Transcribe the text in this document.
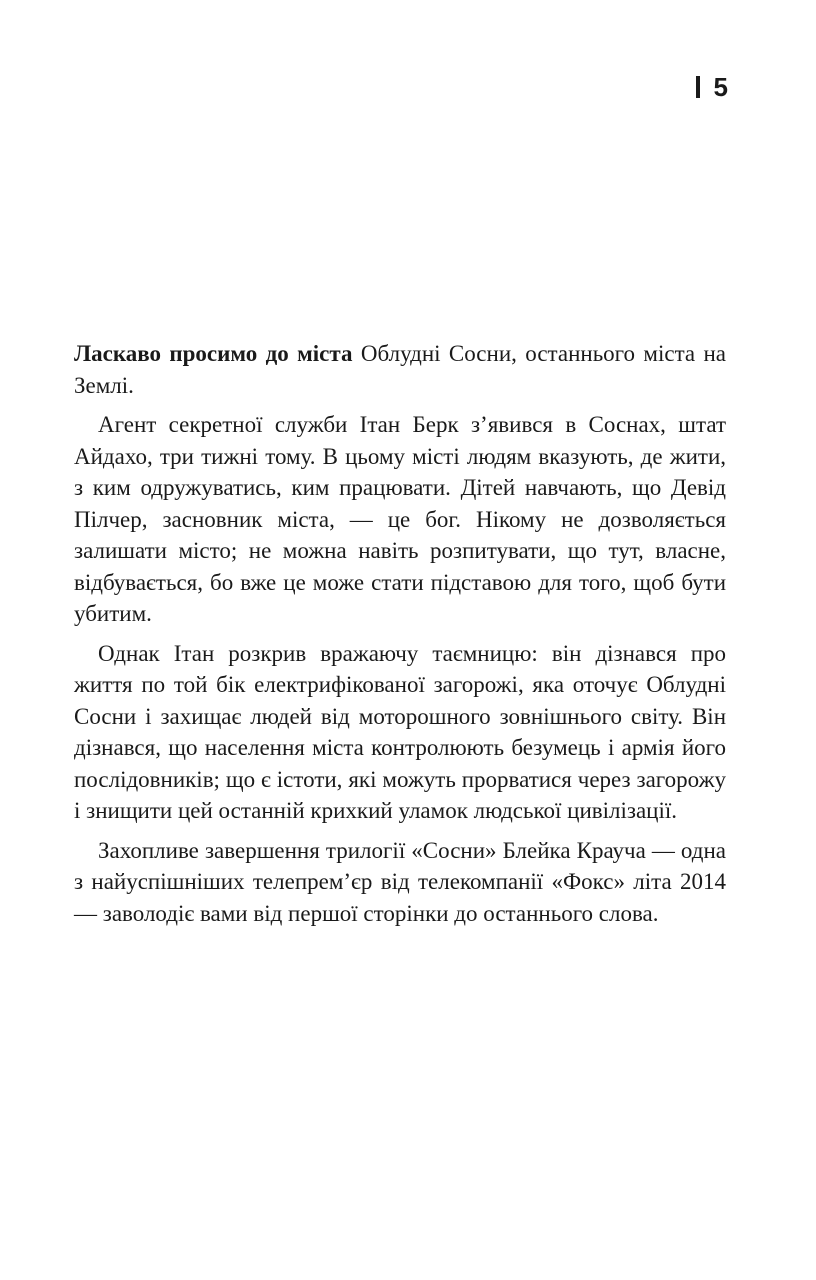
5

Ласкаво просимо до міста Облудні Сосни, останнього міста на Землі.

Агент секретної служби Ітан Берк з’явився в Соснах, штат Айдахо, три тижні тому. В цьому місті людям вказують, де жити, з ким одружуватись, ким працювати. Дітей навчають, що Девід Пілчер, засновник міста, — це бог. Нікому не дозволяється залишати місто; не можна навіть розпитувати, що тут, власне, відбувається, бо вже це може стати підставою для того, щоб бути убитим.

Однак Ітан розкрив вражаючу таємницю: він дізнався про життя по той бік електрифікованої загорожі, яка оточує Облудні Сосни і захищає людей від моторошного зовнішнього світу. Він дізнався, що населення міста контролюють безумець і армія його послідовників; що є істоти, які можуть прорватися через загорожу і знищити цей останній крихкий уламок людської цивілізації.

Захопливе завершення трилогії «Сосни» Блейка Крауча — одна з найуспішніших телепрем’єр від телекомпанії «Фокс» літа 2014 — заволодіє вами від першої сторінки до останнього слова.
